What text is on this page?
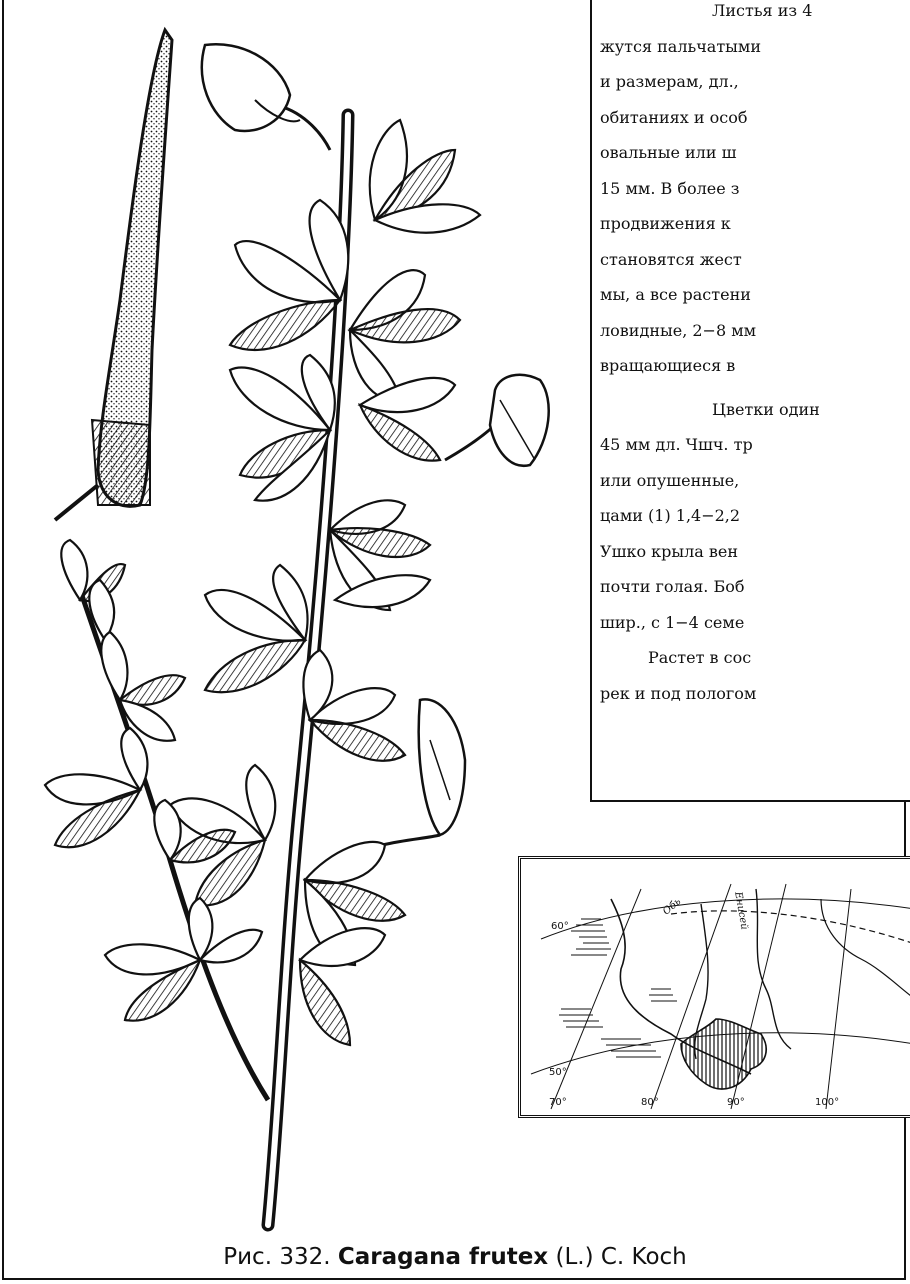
Листья из 4
жутся пальчатыми
и размерам, дл.,
обитаниях и особ
овальные или ш
15 мм. В более з
продвижения к
становятся жест
мы, а все растени
ловидные, 2−8 мм
вращающиеся в
Цветки один
45 мм дл. Чшч. тр
или опушенные,
цами (1) 1,4−2,2
Ушко крыла вен
почти голая. Боб
шир., с 1−4 семе
Растет в сос
рек и под пологом
60°
50°
70°	80°	90°	100°
Енисей
Обь
Рис. 332. Caragana frutex (L.) C. Koch
